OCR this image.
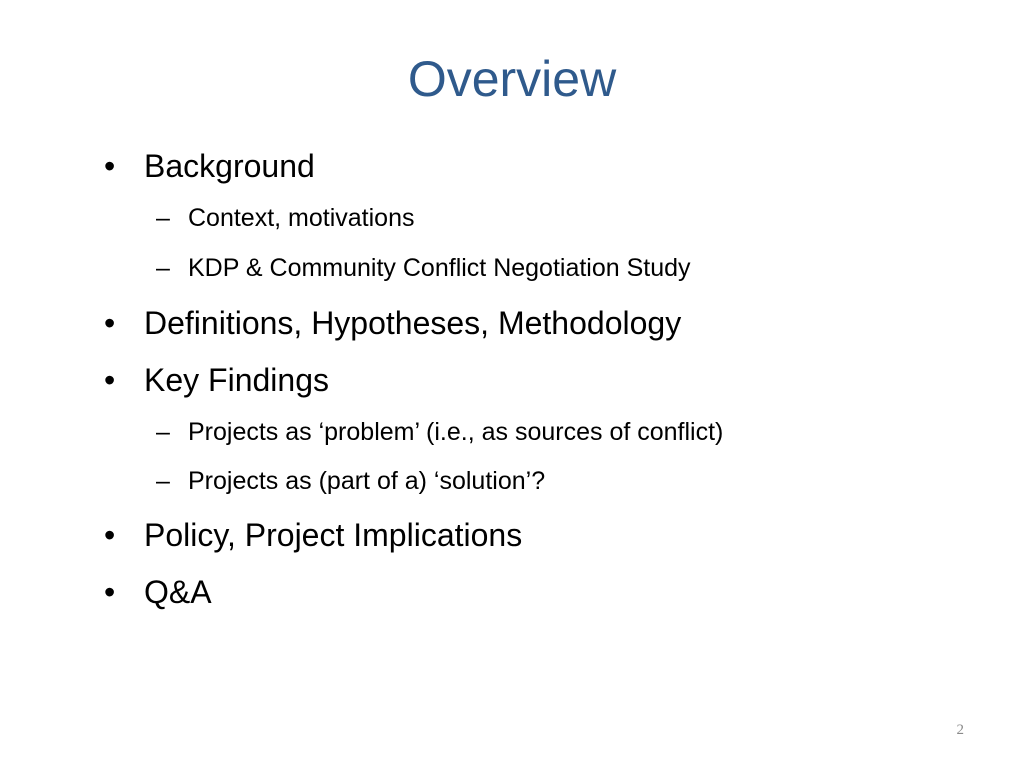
Overview
• Background
– Context, motivations
– KDP & Community Conflict Negotiation Study
• Definitions, Hypotheses, Methodology
• Key Findings
– Projects as ‘problem’ (i.e., as sources of conflict)
– Projects as (part of a) ‘solution’?
• Policy, Project Implications
• Q&A
2
